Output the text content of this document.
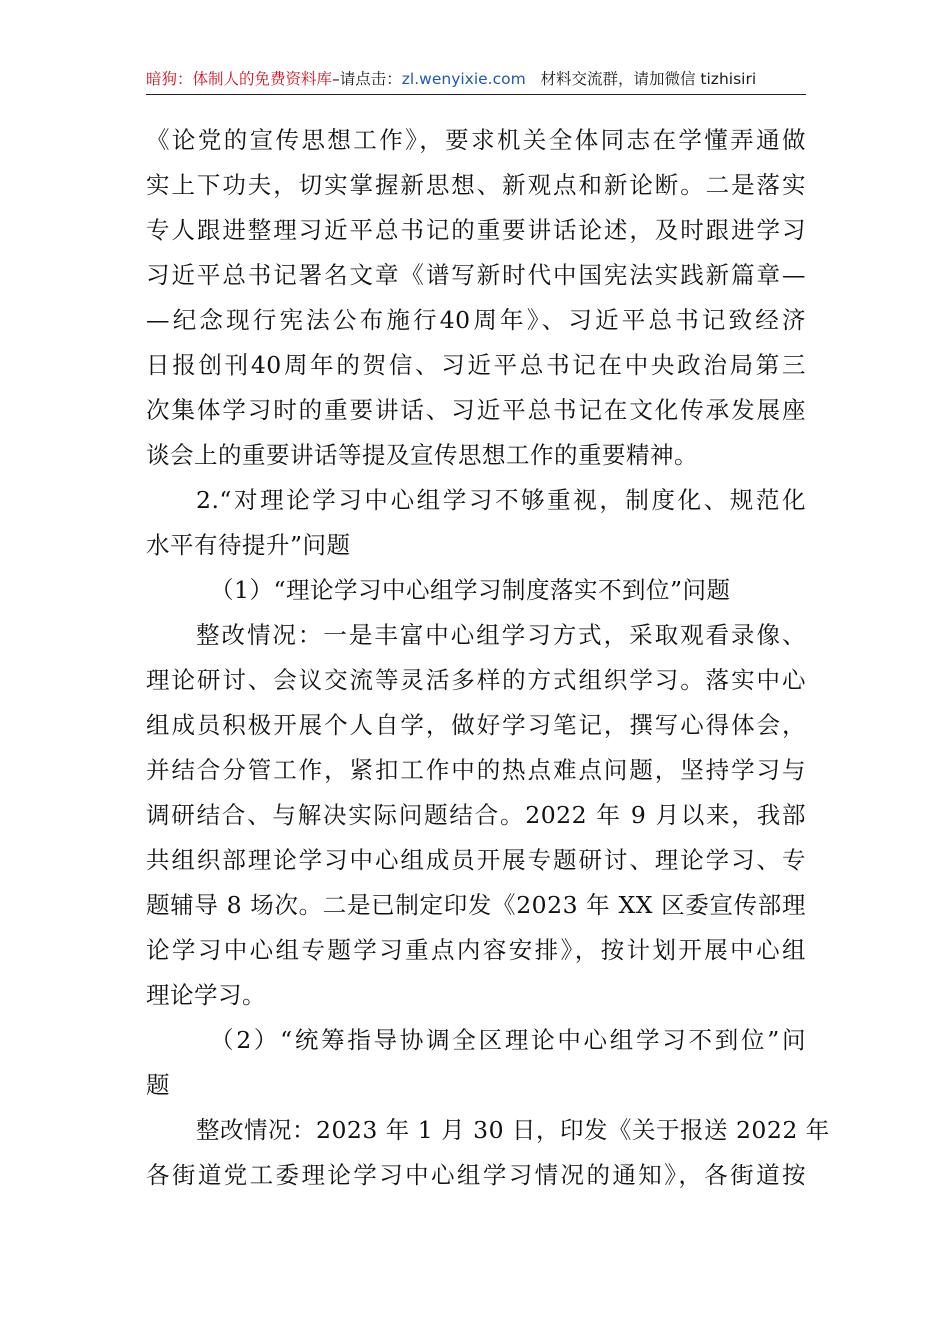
暗狗：体制人的免费资料库–请点击：zl.wenyixie.com 材料交流群，请加微信 tizhisiri
《论党的宣传思想工作》，要求机关全体同志在学懂弄通做
实上下功夫，切实掌握新思想、新观点和新论断。二是落实
专人跟进整理习近平总书记的重要讲话论述，及时跟进学习
习近平总书记署名文章《谱写新时代中国宪法实践新篇章—
—纪念现行宪法公布施行40周年》、习近平总书记致经济
日报创刊40周年的贺信、习近平总书记在中央政治局第三
次集体学习时的重要讲话、习近平总书记在文化传承发展座
谈会上的重要讲话等提及宣传思想工作的重要精神。
2.“对理论学习中心组学习不够重视，制度化、规范化
水平有待提升”问题
（1）“理论学习中心组学习制度落实不到位”问题
整改情况：一是丰富中心组学习方式，采取观看录像、
理论研讨、会议交流等灵活多样的方式组织学习。落实中心
组成员积极开展个人自学，做好学习笔记，撰写心得体会，
并结合分管工作，紧扣工作中的热点难点问题，坚持学习与
调研结合、与解决实际问题结合。2022 年 9 月以来，我部
共组织部理论学习中心组成员开展专题研讨、理论学习、专
题辅导 8 场次。二是已制定印发《2023 年 XX 区委宣传部理
论学习中心组专题学习重点内容安排》，按计划开展中心组
理论学习。
（2）“统筹指导协调全区理论中心组学习不到位”问
题
整改情况：2023 年 1 月 30 日，印发《关于报送 2022 年
各街道党工委理论学习中心组学习情况的通知》，各街道按
